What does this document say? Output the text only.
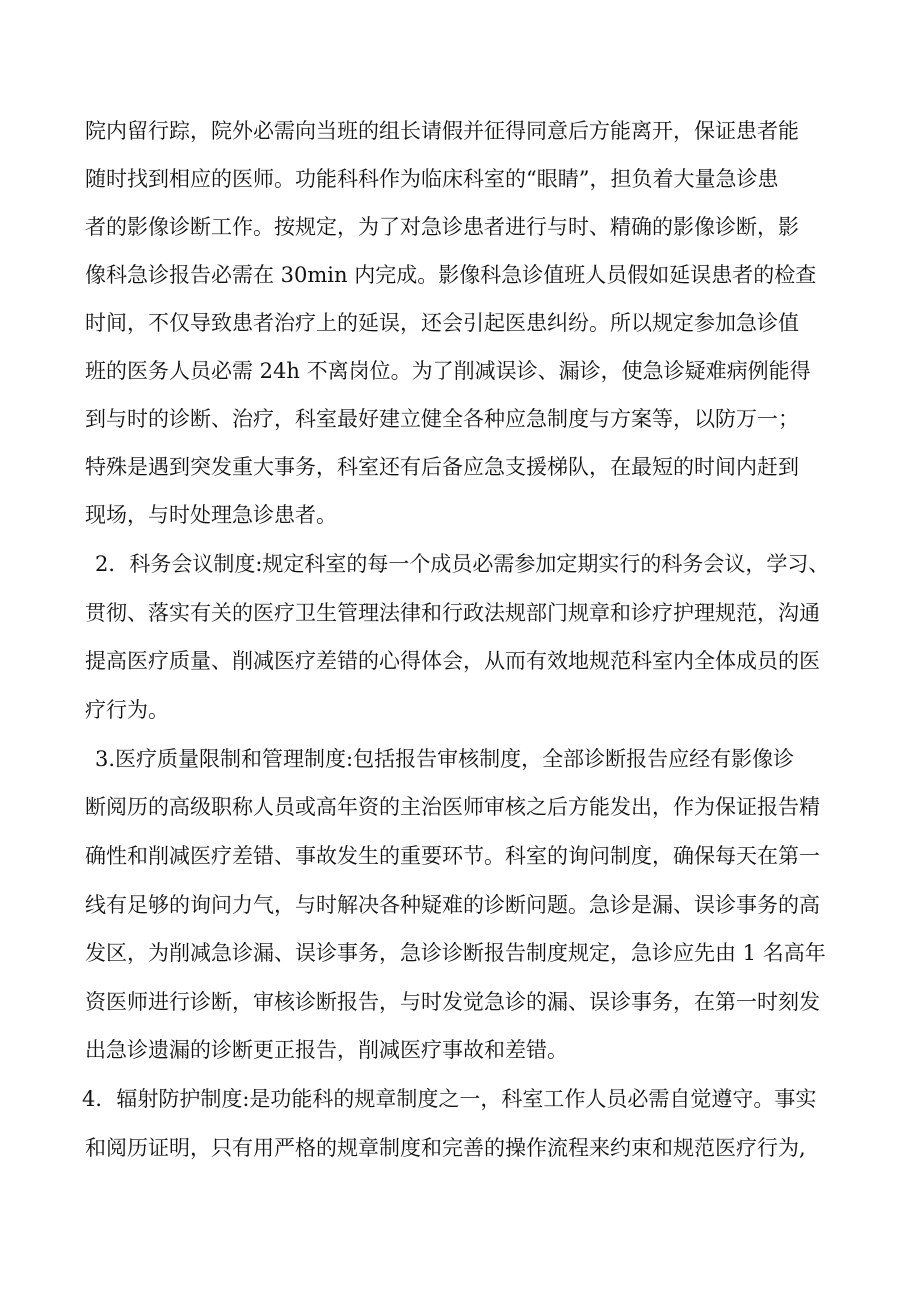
院内留行踪，院外必需向当班的组长请假并征得同意后方能离开，保证患者能
随时找到相应的医师。功能科科作为临床科室的“眼睛”，担负着大量急诊患
者的影像诊断工作。按规定，为了对急诊患者进行与时、精确的影像诊断，影
像科急诊报告必需在 30min 内完成。影像科急诊值班人员假如延误患者的检查
时间，不仅导致患者治疗上的延误，还会引起医患纠纷。所以规定参加急诊值
班的医务人员必需 24h 不离岗位。为了削减误诊、漏诊，使急诊疑难病例能得
到与时的诊断、治疗，科室最好建立健全各种应急制度与方案等，以防万一；
特殊是遇到突发重大事务，科室还有后备应急支援梯队，在最短的时间内赶到
现场，与时处理急诊患者。
2．科务会议制度:规定科室的每一个成员必需参加定期实行的科务会议，学习、
贯彻、落实有关的医疗卫生管理法律和行政法规部门规章和诊疗护理规范，沟通
提高医疗质量、削减医疗差错的心得体会，从而有效地规范科室内全体成员的医
疗行为。
3.医疗质量限制和管理制度:包括报告审核制度，全部诊断报告应经有影像诊
断阅历的高级职称人员或高年资的主治医师审核之后方能发出，作为保证报告精
确性和削减医疗差错、事故发生的重要环节。科室的询问制度，确保每天在第一
线有足够的询问力气，与时解决各种疑难的诊断问题。急诊是漏、误诊事务的高
发区，为削减急诊漏、误诊事务，急诊诊断报告制度规定，急诊应先由 1 名高年
资医师进行诊断，审核诊断报告，与时发觉急诊的漏、误诊事务，在第一时刻发
出急诊遗漏的诊断更正报告，削减医疗事故和差错。
4．辐射防护制度:是功能科的规章制度之一，科室工作人员必需自觉遵守。事实
和阅历证明，只有用严格的规章制度和完善的操作流程来约束和规范医疗行为,
